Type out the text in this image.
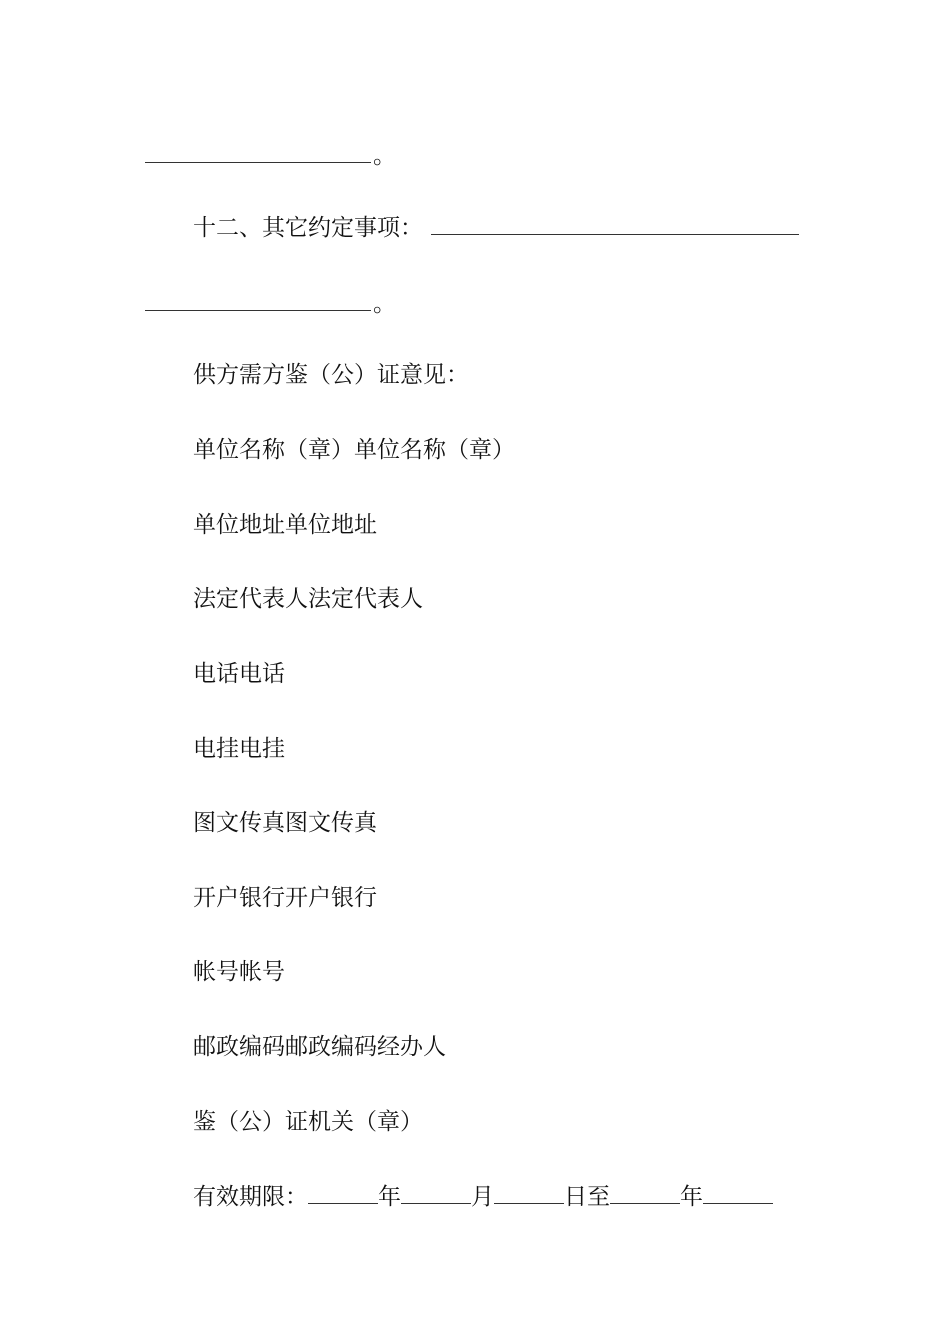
。
十二、其它约定事项：
。
供方需方鉴（公）证意见：
单位名称（章）单位名称（章）
单位地址单位地址
法定代表人法定代表人
电话电话
电挂电挂
图文传真图文传真
开户银行开户银行
帐号帐号
邮政编码邮政编码经办人
鉴（公）证机关（章）
有效期限：	年	月	日至	年
